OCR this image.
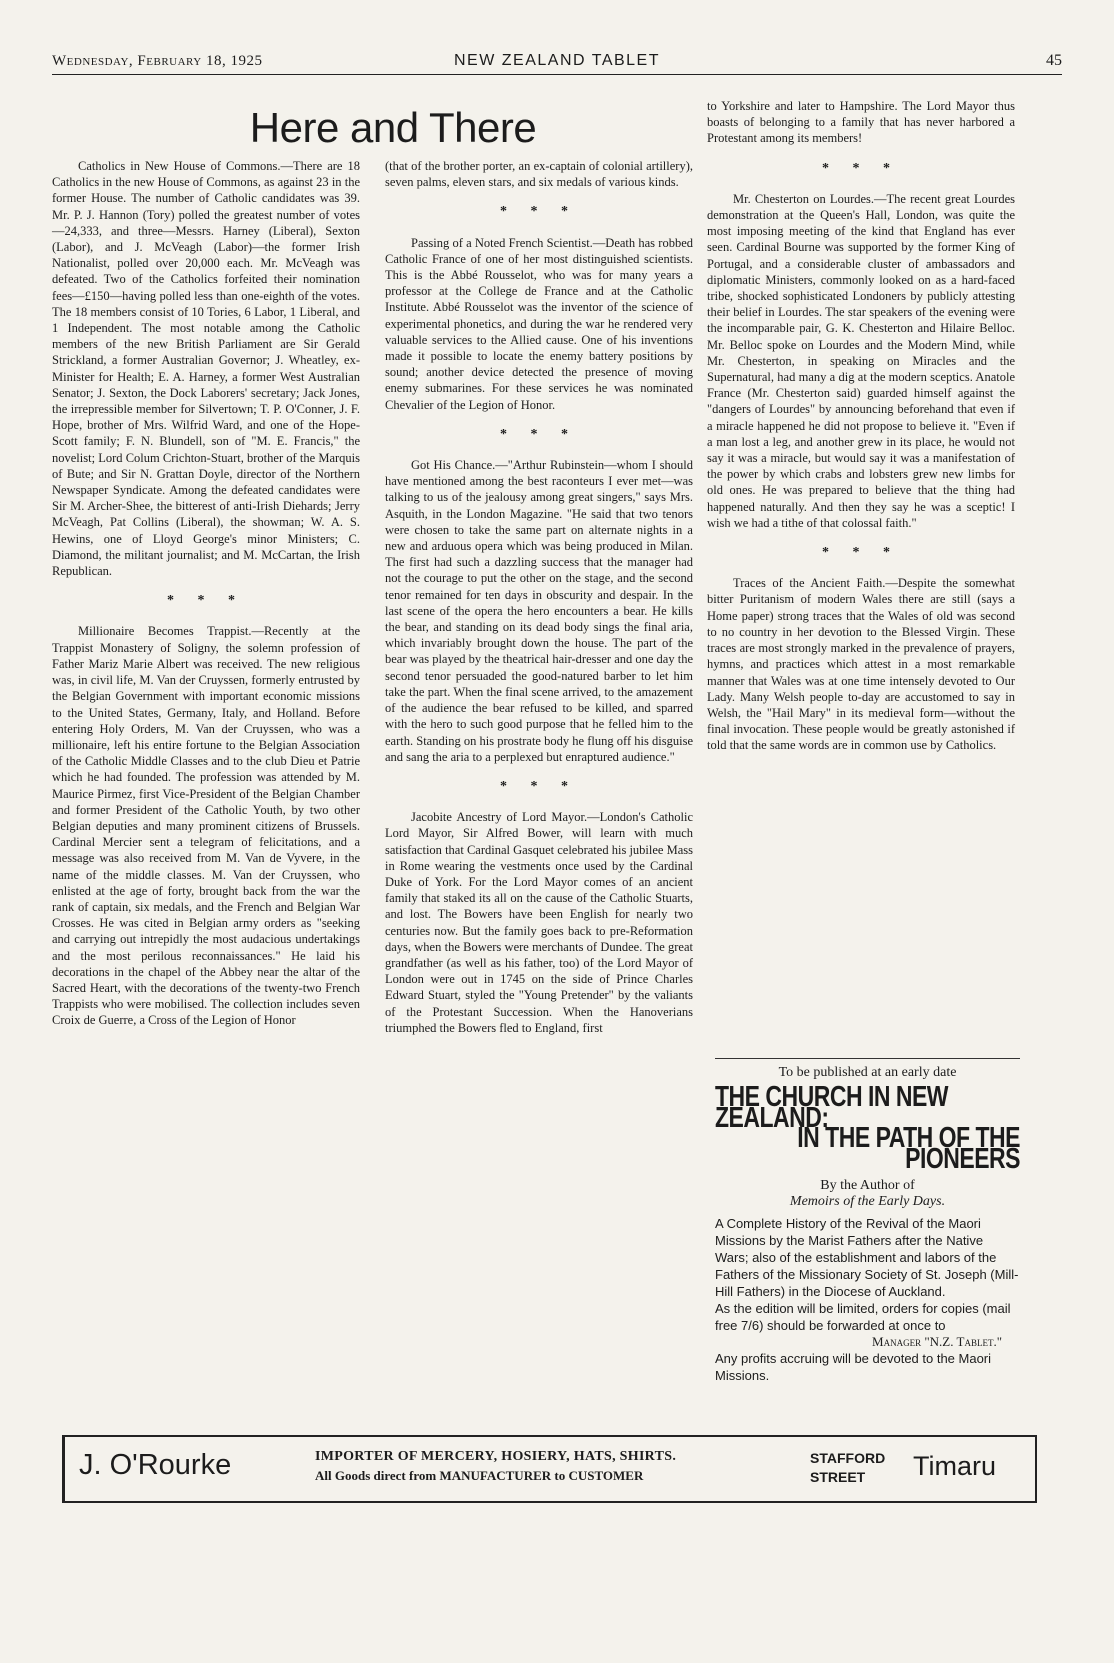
Wednesday, February 18, 1925	NEW ZEALAND TABLET	45
Here and There

Catholics in New House of Commons.—There are 18 Catholics in the new House of Commons, as against 23 in the former House. The number of Catholic candidates was 39. Mr. P. J. Hannon (Tory) polled the greatest number of votes—24,333, and three—Messrs. Harney (Liberal), Sexton (Labor), and J. McVeagh (Labor)—the former Irish Nationalist, polled over 20,000 each. Mr. McVeagh was defeated. Two of the Catholics forfeited their nomination fees—£150—having polled less than one-eighth of the votes. The 18 members consist of 10 Tories, 6 Labor, 1 Liberal, and 1 Independent. The most notable among the Catholic members of the new British Parliament are Sir Gerald Strickland, a former Australian Governor; J. Wheatley, ex-Minister for Health; E. A. Harney, a former West Australian Senator; J. Sexton, the Dock Laborers' secretary; Jack Jones, the irrepressible member for Silvertown; T. P. O'Conner, J. F. Hope, brother of Mrs. Wilfrid Ward, and one of the Hope-Scott family; F. N. Blundell, son of "M. E. Francis," the novelist; Lord Colum Crichton-Stuart, brother of the Marquis of Bute; and Sir N. Grattan Doyle, director of the Northern Newspaper Syndicate. Among the defeated candidates were Sir M. Archer-Shee, the bitterest of anti-Irish Diehards; Jerry McVeagh, Pat Collins (Liberal), the showman; W. A. S. Hewins, one of Lloyd George's minor Ministers; C. Diamond, the militant journalist; and M. McCartan, the Irish Republican.

* * *

Millionaire Becomes Trappist.—Recently at the Trappist Monastery of Soligny, the solemn profession of Father Mariz Marie Albert was received. The new religious was, in civil life, M. Van der Cruyssen, formerly entrusted by the Belgian Government with important economic missions to the United States, Germany, Italy, and Holland. Before entering Holy Orders, M. Van der Cruyssen, who was a millionaire, left his entire fortune to the Belgian Association of the Catholic Middle Classes and to the club Dieu et Patrie which he had founded. The profession was attended by M. Maurice Pirmez, first Vice-President of the Belgian Chamber and former President of the Catholic Youth, by two other Belgian deputies and many prominent citizens of Brussels. Cardinal Mercier sent a telegram of felicitations, and a message was also received from M. Van de Vyvere, in the name of the middle classes. M. Van der Cruyssen, who enlisted at the age of forty, brought back from the war the rank of captain, six medals, and the French and Belgian War Crosses. He was cited in Belgian army orders as "seeking and carrying out intrepidly the most audacious undertakings and the most perilous reconnaissances." He laid his decorations in the chapel of the Abbey near the altar of the Sacred Heart, with the decorations of the twenty-two French Trappists who were mobilised. The collection includes seven Croix de Guerre, a Cross of the Legion of Honor

(that of the brother porter, an ex-captain of colonial artillery), seven palms, eleven stars, and six medals of various kinds.

* * *

Passing of a Noted French Scientist.—Death has robbed Catholic France of one of her most distinguished scientists. This is the Abbé Rousselot, who was for many years a professor at the College de France and at the Catholic Institute. Abbé Rousselot was the inventor of the science of experimental phonetics, and during the war he rendered very valuable services to the Allied cause. One of his inventions made it possible to locate the enemy battery positions by sound; another device detected the presence of moving enemy submarines. For these services he was nominated Chevalier of the Legion of Honor.

* * *

Got His Chance.—"Arthur Rubinstein—whom I should have mentioned among the best raconteurs I ever met—was talking to us of the jealousy among great singers," says Mrs. Asquith, in the London Magazine. "He said that two tenors were chosen to take the same part on alternate nights in a new and arduous opera which was being produced in Milan. The first had such a dazzling success that the manager had not the courage to put the other on the stage, and the second tenor remained for ten days in obscurity and despair. In the last scene of the opera the hero encounters a bear. He kills the bear, and standing on its dead body sings the final aria, which invariably brought down the house. The part of the bear was played by the theatrical hair-dresser and one day the second tenor persuaded the good-natured barber to let him take the part. When the final scene arrived, to the amazement of the audience the bear refused to be killed, and sparred with the hero to such good purpose that he felled him to the earth. Standing on his prostrate body he flung off his disguise and sang the aria to a perplexed but enraptured audience."

* * *

Jacobite Ancestry of Lord Mayor.—London's Catholic Lord Mayor, Sir Alfred Bower, will learn with much satisfaction that Cardinal Gasquet celebrated his jubilee Mass in Rome wearing the vestments once used by the Cardinal Duke of York. For the Lord Mayor comes of an ancient family that staked its all on the cause of the Catholic Stuarts, and lost. The Bowers have been English for nearly two centuries now. But the family goes back to pre-Reformation days, when the Bowers were merchants of Dundee. The great grandfather (as well as his father, too) of the Lord Mayor of London were out in 1745 on the side of Prince Charles Edward Stuart, styled the "Young Pretender" by the valiants of the Protestant Succession. When the Hanoverians triumphed the Bowers fled to England, first

to Yorkshire and later to Hampshire. The Lord Mayor thus boasts of belonging to a family that has never harbored a Protestant among its members!

* * *

Mr. Chesterton on Lourdes.—The recent great Lourdes demonstration at the Queen's Hall, London, was quite the most imposing meeting of the kind that England has ever seen. Cardinal Bourne was supported by the former King of Portugal, and a considerable cluster of ambassadors and diplomatic Ministers, commonly looked on as a hard-faced tribe, shocked sophisticated Londoners by publicly attesting their belief in Lourdes. The star speakers of the evening were the incomparable pair, G. K. Chesterton and Hilaire Belloc. Mr. Belloc spoke on Lourdes and the Modern Mind, while Mr. Chesterton, in speaking on Miracles and the Supernatural, had many a dig at the modern sceptics. Anatole France (Mr. Chesterton said) guarded himself against the "dangers of Lourdes" by announcing beforehand that even if a miracle happened he did not propose to believe it. "Even if a man lost a leg, and another grew in its place, he would not say it was a miracle, but would say it was a manifestation of the power by which crabs and lobsters grew new limbs for old ones. He was prepared to believe that the thing had happened naturally. And then they say he was a sceptic! I wish we had a tithe of that colossal faith."

* * *

Traces of the Ancient Faith.—Despite the somewhat bitter Puritanism of modern Wales there are still (says a Home paper) strong traces that the Wales of old was second to no country in her devotion to the Blessed Virgin. These traces are most strongly marked in the prevalence of prayers, hymns, and practices which attest in a most remarkable manner that Wales was at one time intensely devoted to Our Lady. Many Welsh people to-day are accustomed to say in Welsh, the "Hail Mary" in its medieval form—without the final invocation. These people would be greatly astonished if told that the same words are in common use by Catholics.

To be published at an early date
THE CHURCH IN NEW ZEALAND:
IN THE PATH OF THE PIONEERS
By the Author of
Memoirs of the Early Days.

A Complete History of the Revival of the Maori Missions by the Marist Fathers after the Native Wars; also of the establishment and labors of the Fathers of the Missionary Society of St. Joseph (Mill-Hill Fathers) in the Diocese of Auckland.

As the edition will be limited, orders for copies (mail free 7/6) should be forwarded at once to

Manager "N.Z. Tablet."

Any profits accruing will be devoted to the Maori Missions.

J. O'Rourke	IMPORTER OF MERCERY, HOSIERY, HATS, SHIRTS.
All Goods direct from MANUFACTURER to CUSTOMER
STAFFORD
STREET	Timaru
